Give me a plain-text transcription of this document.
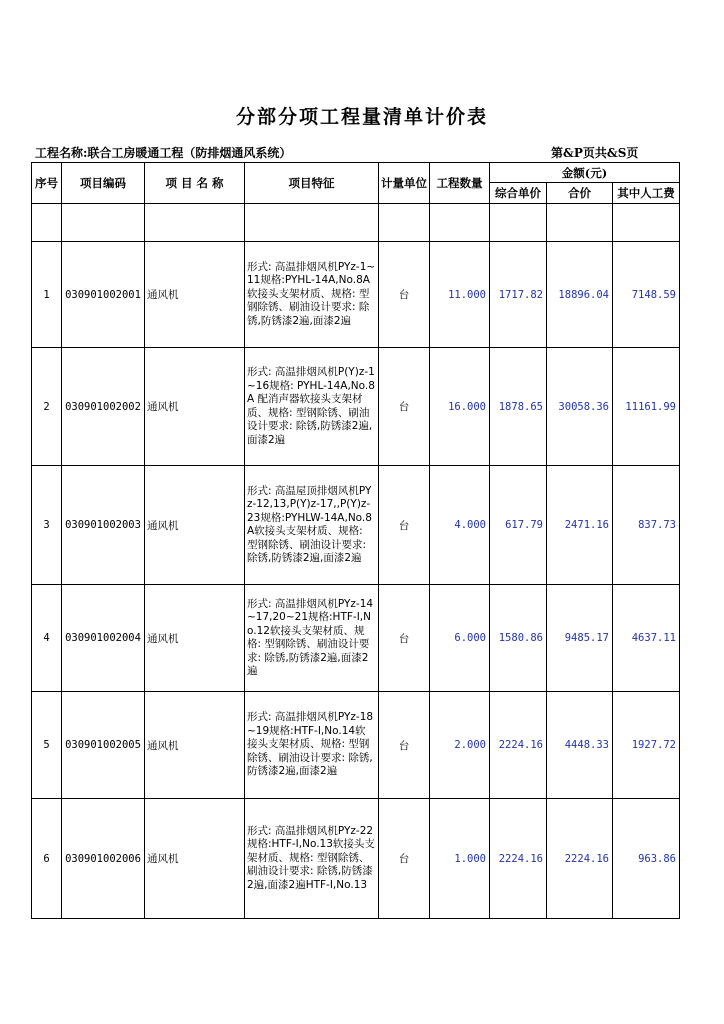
分部分项工程量清单计价表
工程名称:联合工房暖通工程（防排烟通风系统）	第&P页共&S页
序号	项目编码	项 目 名 称	项目特征	计量单位	工程数量	金额(元)		
						综合单价	合价	其中人工费

1	030901002001	通风机	形式: 高温排烟风机PYz-1~11规格:PYHL-14A,No.8A软接头支架材质、规格: 型钢除锈、刷油设计要求: 除锈,防锈漆2遍,面漆2遍	台	11.000	1717.82	18896.04	7148.59
2	030901002002	通风机	形式: 高温排烟风机P(Y)z-1~16规格: PYHL-14A,No.8A 配消声器软接头支架材质、规格: 型钢除锈、刷油设计要求: 除锈,防锈漆2遍,面漆2遍	台	16.000	1878.65	30058.36	11161.99
3	030901002003	通风机	形式: 高温屋顶排烟风机PYz-12,13,P(Y)z-17,,P(Y)z-23规格:PYHLW-14A,No.8A软接头支架材质、规格: 型钢除锈、刷油设计要求: 除锈,防锈漆2遍,面漆2遍	台	4.000	617.79	2471.16	837.73
4	030901002004	通风机	形式: 高温排烟风机PYz-14~17,20~21规格:HTF-Ⅰ,No.12软接头支架材质、规格: 型钢除锈、刷油设计要求: 除锈,防锈漆2遍,面漆2遍	台	6.000	1580.86	9485.17	4637.11
5	030901002005	通风机	形式: 高温排烟风机PYz-18~19规格:HTF-Ⅰ,No.14软接头支架材质、规格: 型钢除锈、刷油设计要求: 除锈,防锈漆2遍,面漆2遍	台	2.000	2224.16	4448.33	1927.72
6	030901002006	通风机	形式: 高温排烟风机PYz-22规格:HTF-Ⅰ,No.13软接头支架材质、规格: 型钢除锈、刷油设计要求: 除锈,防锈漆2遍,面漆2遍HTF-Ⅰ,No.13	台	1.000	2224.16	2224.16	963.86
